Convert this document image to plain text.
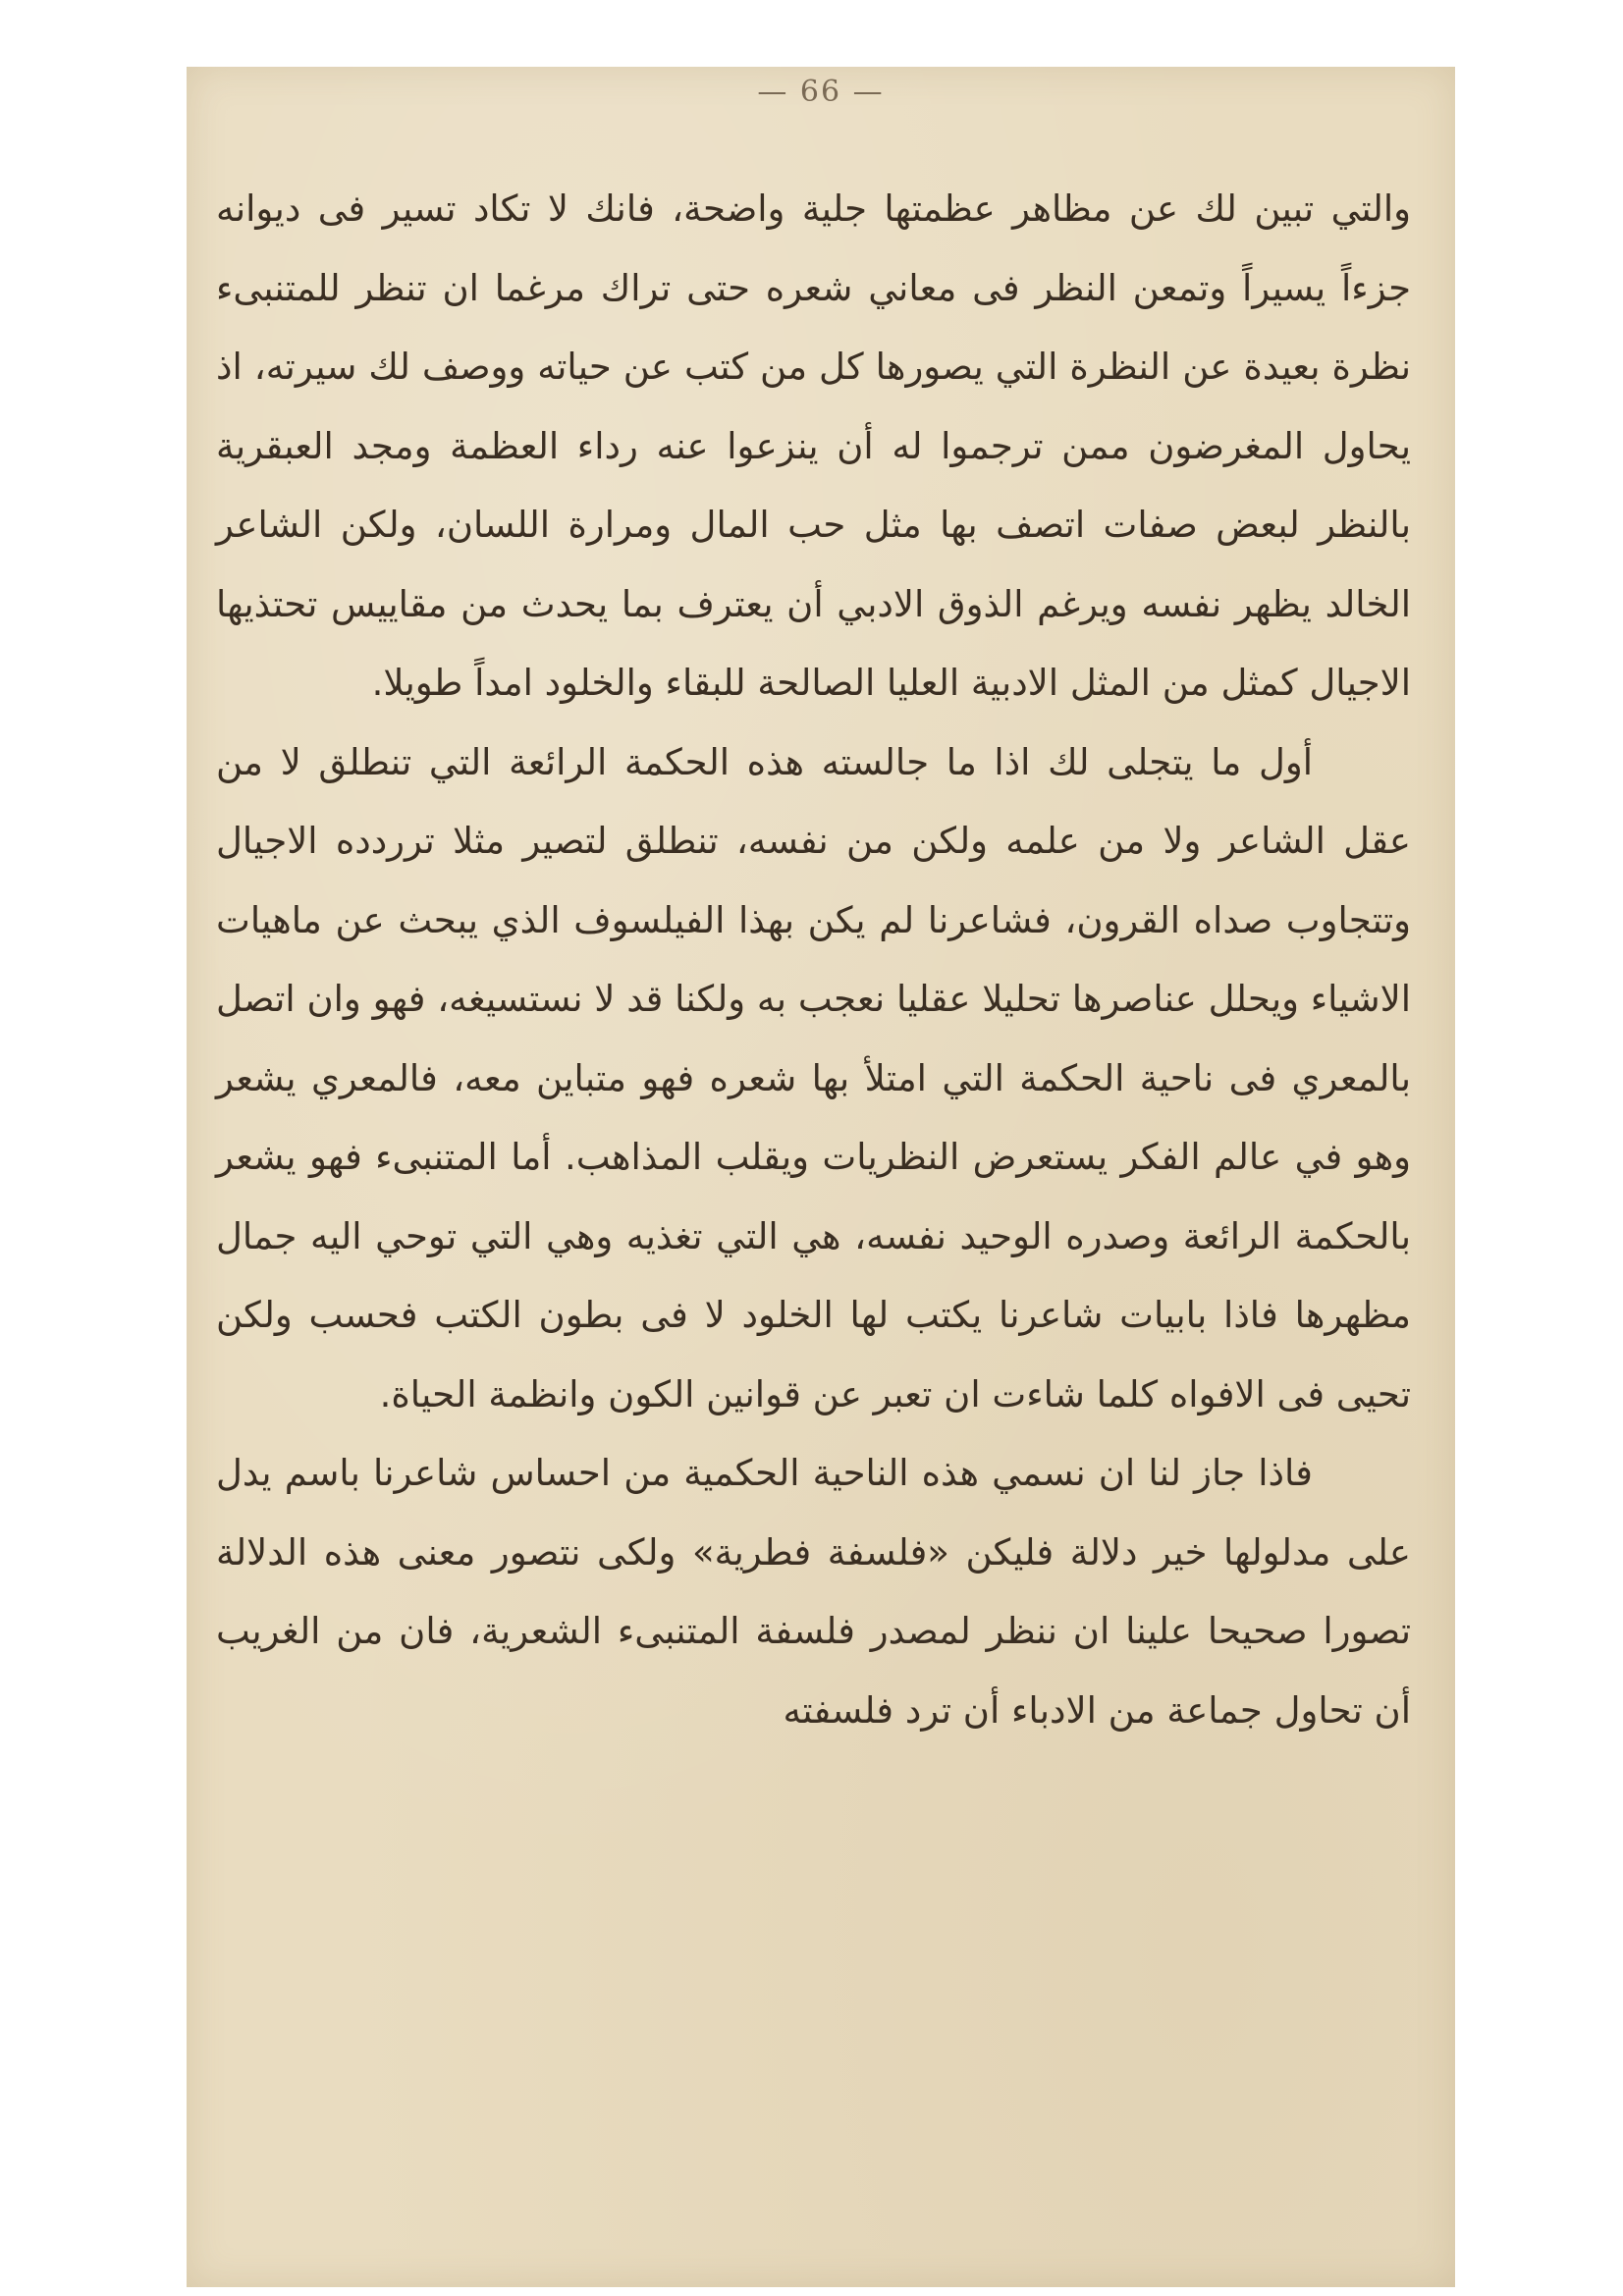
— 66 —

والتي تبين لك عن مظاهر عظمتها جلية واضحة، فانك لا تكاد تسير فى ديوانه جزءاً يسيراً وتمعن النظر فى معاني شعره حتى تراك مرغما ان تنظر للمتنبىء نظرة بعيدة عن النظرة التي يصورها كل من كتب عن حياته ووصف لك سيرته، اذ يحاول المغرضون ممن ترجموا له أن ينزعوا عنه رداء العظمة ومجد العبقرية بالنظر لبعض صفات اتصف بها مثل حب المال ومرارة اللسان، ولكن الشاعر الخالد يظهر نفسه ويرغم الذوق الادبي أن يعترف بما يحدث من مقاييس تحتذيها الاجيال كمثل من المثل الادبية العليا الصالحة للبقاء والخلود امداً طويلا.

أول ما يتجلى لك اذا ما جالسته هذه الحكمة الرائعة التي تنطلق لا من عقل الشاعر ولا من علمه ولكن من نفسه، تنطلق لتصير مثلا ترردده الاجيال وتتجاوب صداه القرون، فشاعرنا لم يكن بهذا الفيلسوف الذي يبحث عن ماهيات الاشياء ويحلل عناصرها تحليلا عقليا نعجب به ولكنا قد لا نستسيغه، فهو وان اتصل بالمعري فى ناحية الحكمة التي امتلأ بها شعره فهو متباين معه، فالمعري يشعر وهو في عالم الفكر يستعرض النظريات ويقلب المذاهب. أما المتنبىء فهو يشعر بالحكمة الرائعة وصدره الوحيد نفسه، هي التي تغذيه وهي التي توحي اليه جمال مظهرها فاذا بابيات شاعرنا يكتب لها الخلود لا فى بطون الكتب فحسب ولكن تحيى فى الافواه كلما شاءت ان تعبر عن قوانين الكون وانظمة الحياة.

فاذا جاز لنا ان نسمي هذه الناحية الحكمية من احساس شاعرنا باسم يدل على مدلولها خير دلالة فليكن «فلسفة فطرية» ولكى نتصور معنى هذه الدلالة تصورا صحيحا علينا ان ننظر لمصدر فلسفة المتنبىء الشعرية، فان من الغريب أن تحاول جماعة من الادباء أن ترد فلسفته
